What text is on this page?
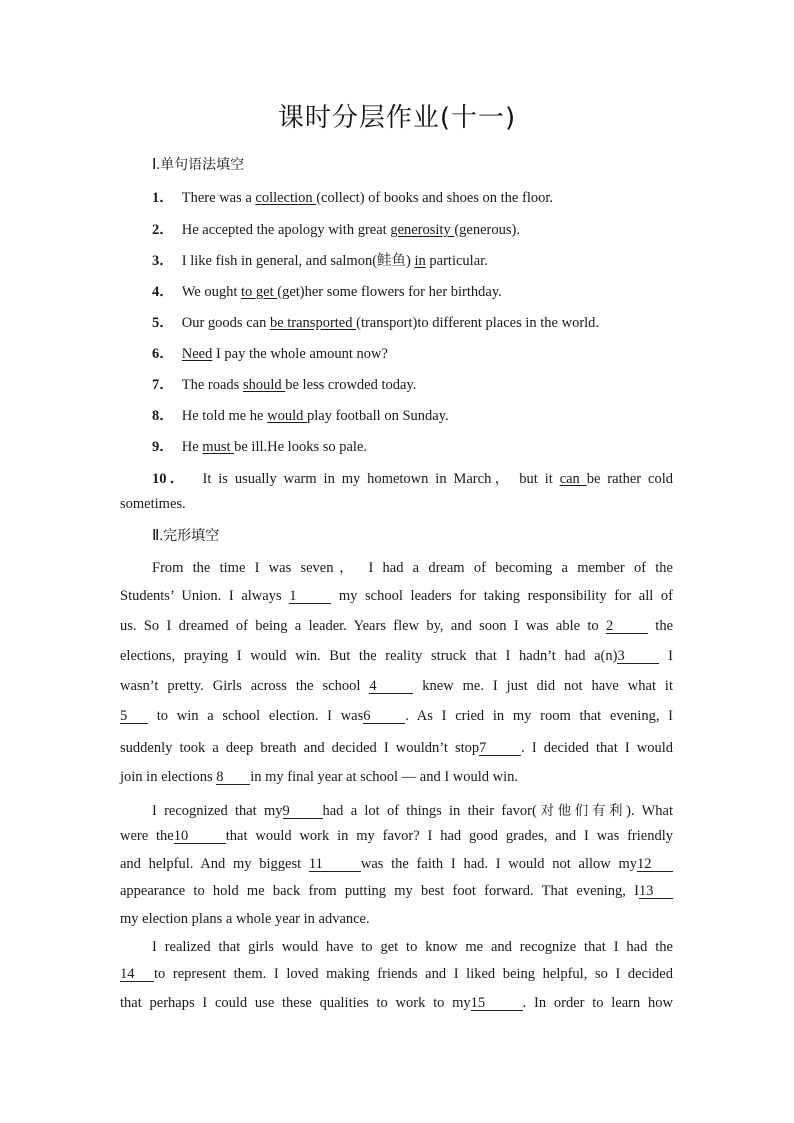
课时分层作业(十一)
Ⅰ.单句语法填空
1． There was a collection (collect) of books and shoes on the floor.
2． He accepted the apology with great generosity (generous).
3． I like fish in general, and salmon(鲑鱼) in particular.
4． We ought to get (get)her some flowers for her birthday.
5． Our goods can be transported (transport)to different places in the world.
6． Need I pay the whole amount now?
7． The roads should be less crowded today.
8． He told me he would play football on Sunday.
9． He must be ill.He looks so pale.
10． It is usually warm in my hometown in March， but it can be rather cold
sometimes.
Ⅱ.完形填空
From the time I was seven， I had a dream of becoming a member of the
Students’ Union. I always 1 my school leaders for taking responsibility for all of
us. So I dreamed of being a leader. Years flew by, and soon I was able to 2 the
elections, praying I would win. But the reality struck that I hadn’t had a(n)3 I
wasn’t pretty. Girls across the school 4	knew me. I just did not have what it
5 to win a school election. I was6 . As I cried in my room that evening, I
suddenly took a deep breath and decided I wouldn’t stop7 . I decided that I would
join in elections 8 in my final year at school — and I would win.
I recognized that my9 had a lot of things in their favor(对他们有利). What
were the10	that would work in my favor? I had good grades, and I was friendly
and helpful. And my biggest 11	was the faith I had. I would not allow my12
appearance to hold me back from putting my best foot forward. That evening, I13
my election plans a whole year in advance.
I realized that girls would have to get to know me and recognize that I had the
14 to represent them. I loved making friends and I liked being helpful, so I decided
that perhaps I could use these qualities to work to my15	. In order to learn how
